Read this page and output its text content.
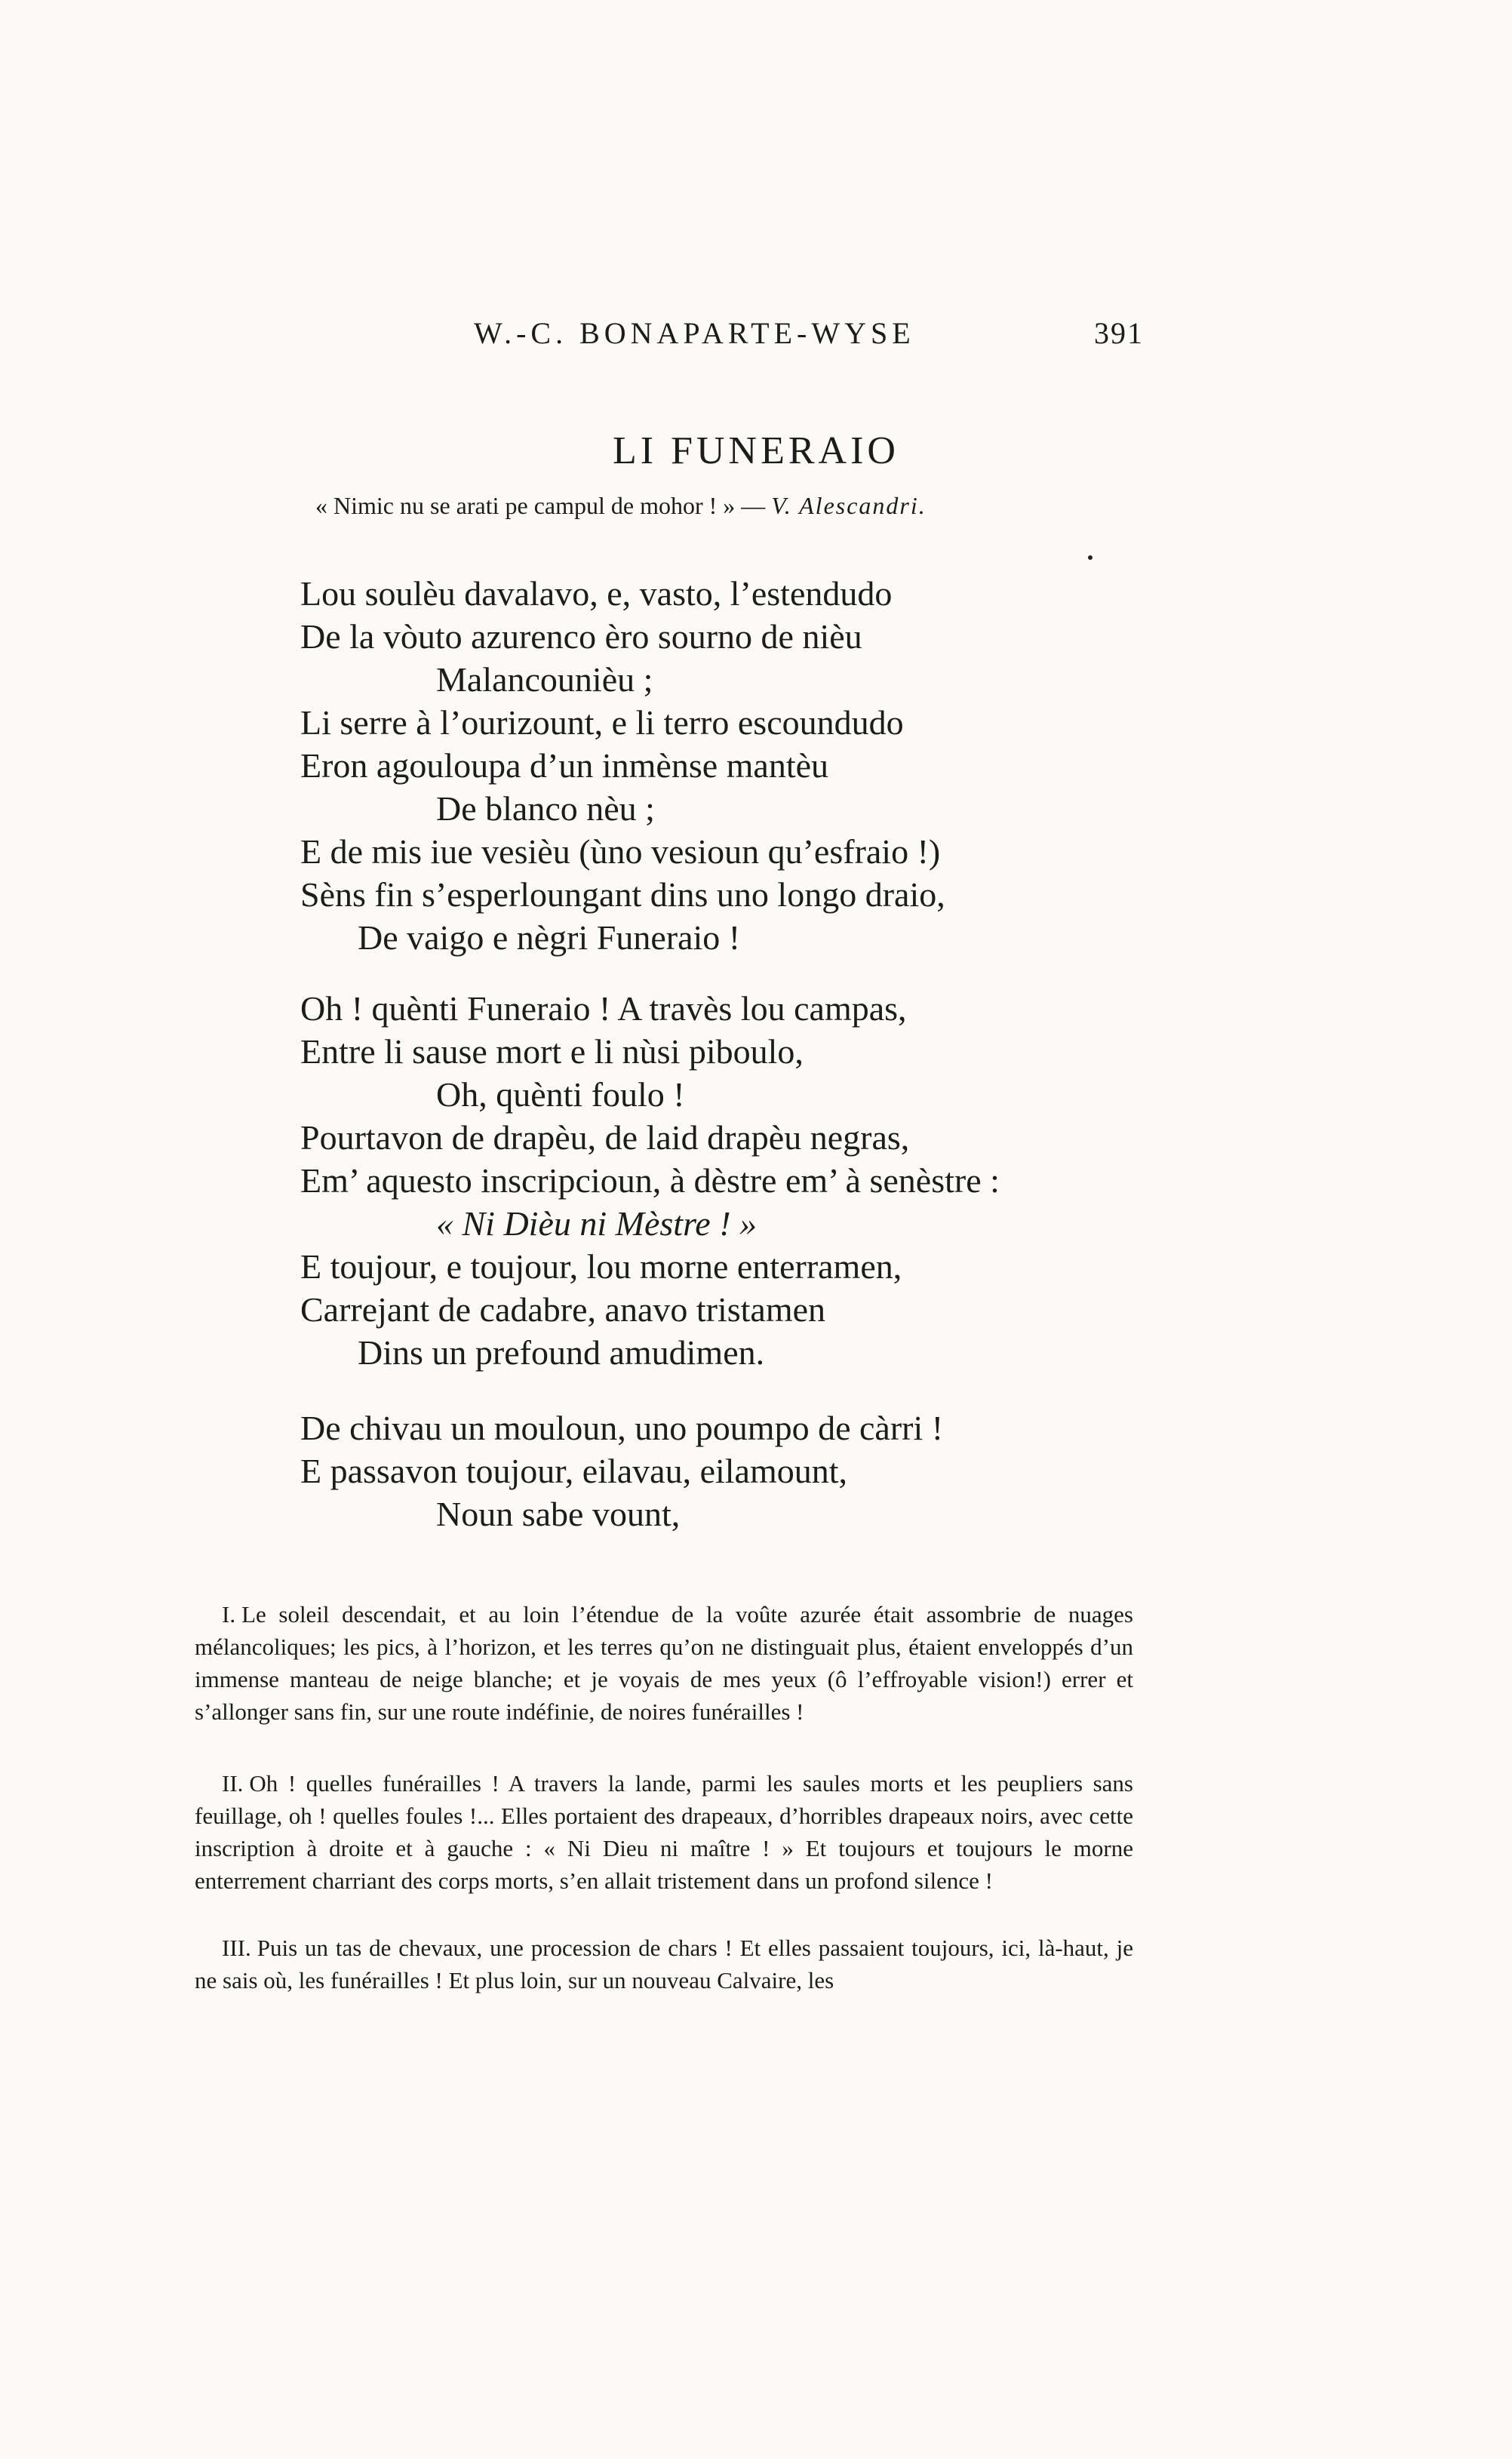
W.-C. BONAPARTE-WYSE	391
LI FUNERAIO
« Nimic nu se arati pe campul de mohor ! » — V. Alescandri.
Lou soulèu davalavo, e, vasto, l’estendudo
De la vòuto azurenco èro sourno de nièu
Malancounièu ;
Li serre à l’ourizount, e li terro escoundudo
Eron agouloupa d’un inmènse mantèu
De blanco nèu ;
E de mis iue vesièu (ùno vesioun qu’esfraio !)
Sèns fin s’esperloungant dins uno longo draio,
De vaigo e nègri Funeraio !
Oh ! quènti Funeraio ! A travès lou campas,
Entre li sause mort e li nùsi piboulo,
Oh, quènti foulo !
Pourtavon de drapèu, de laid drapèu negras,
Em’ aquesto inscripcioun, à dèstre em’ à senèstre :
« Ni Dièu ni Mèstre ! »
E toujour, e toujour, lou morne enterramen,
Carrejant de cadabre, anavo tristamen
Dins un prefound amudimen.
De chivau un mouloun, uno poumpo de càrri !
E passavon toujour, eilavau, eilamount,
Noun sabe vount,
I. Le soleil descendait, et au loin l’étendue de la voûte azurée était assombrie de nuages mélancoliques; les pics, à l’horizon, et les terres qu’on ne distinguait plus, étaient enveloppés d’un immense manteau de neige blanche; et je voyais de mes yeux (ô l’effroyable vision!) errer et s’allonger sans fin, sur une route indéfinie, de noires funérailles !
II. Oh ! quelles funérailles ! A travers la lande, parmi les saules morts et les peupliers sans feuillage, oh ! quelles foules !... Elles portaient des drapeaux, d’horribles drapeaux noirs, avec cette inscription à droite et à gauche : « Ni Dieu ni maître ! » Et toujours et toujours le morne enterrement charriant des corps morts, s’en allait tristement dans un profond silence !
III. Puis un tas de chevaux, une procession de chars ! Et elles passaient toujours, ici, là-haut, je ne sais où, les funérailles ! Et plus loin, sur un nouveau Calvaire, les
